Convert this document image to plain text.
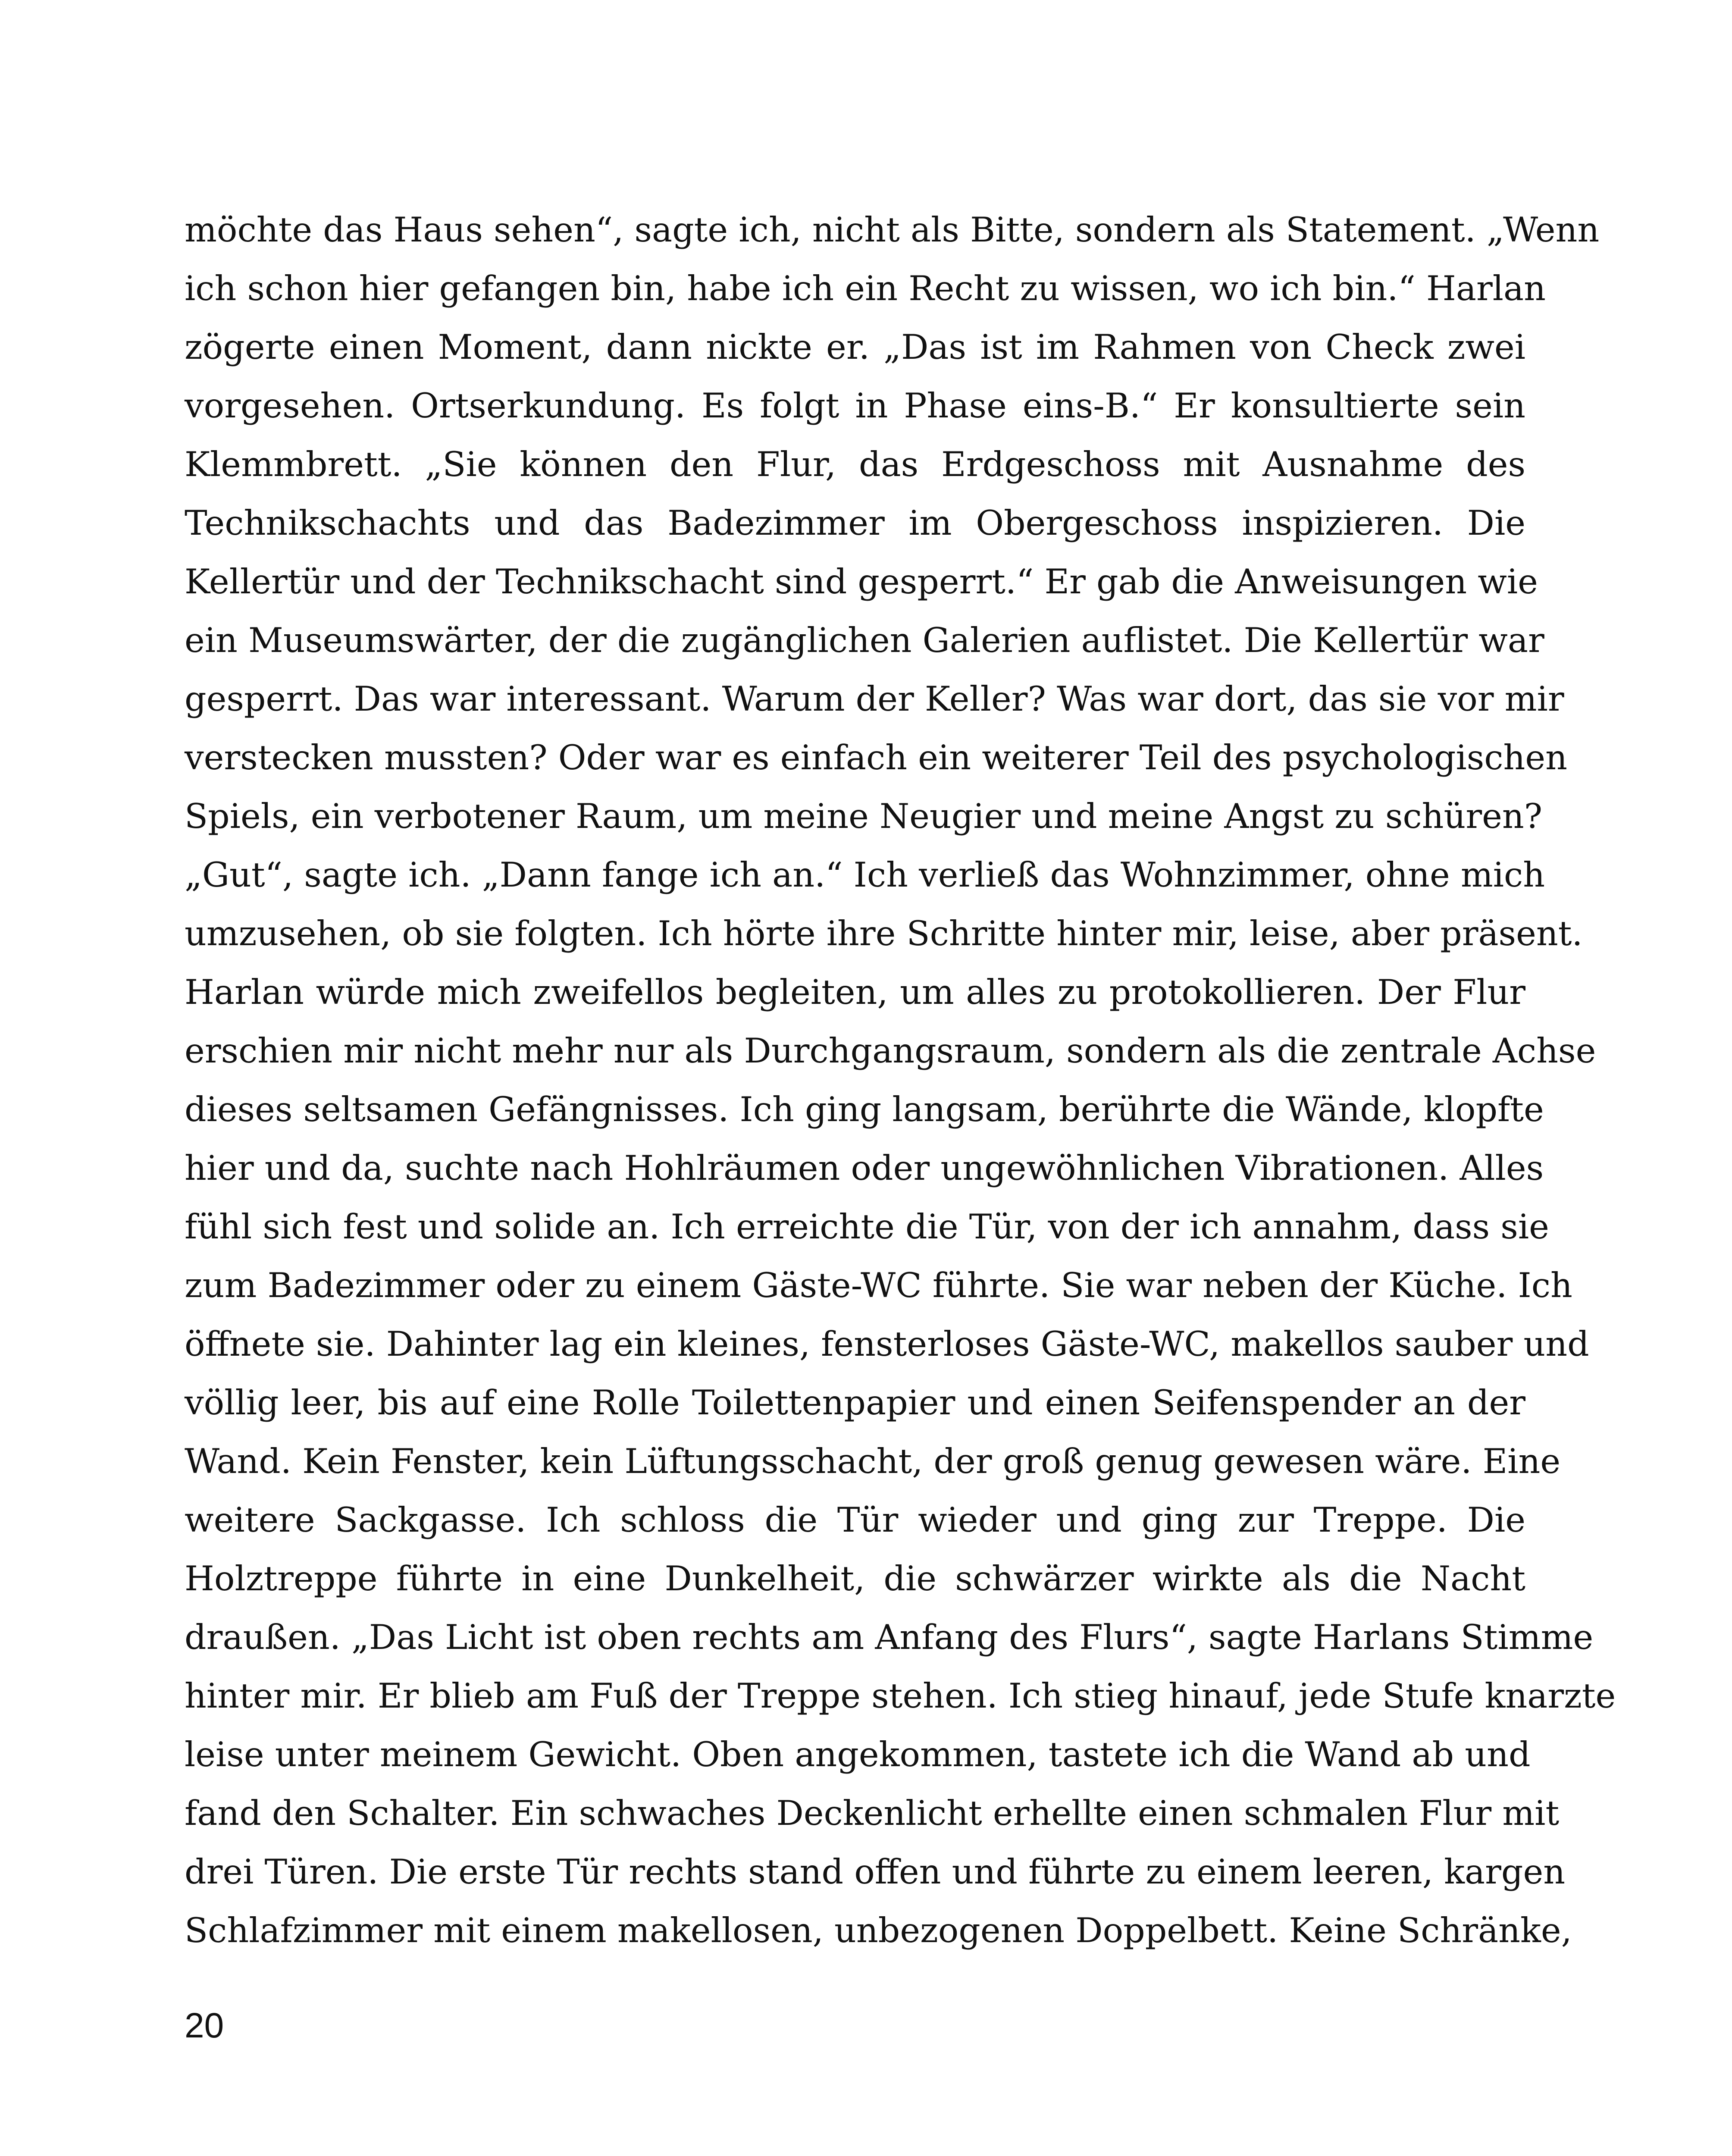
möchte das Haus sehen“, sagte ich, nicht als Bitte, sondern als Statement. „Wenn
ich schon hier gefangen bin, habe ich ein Recht zu wissen, wo ich bin.“ Harlan
zögerte einen Moment, dann nickte er. „Das ist im Rahmen von Check zwei
vorgesehen. Ortserkundung. Es folgt in Phase eins-B.“ Er konsultierte sein
Klemmbrett. „Sie können den Flur, das Erdgeschoss mit Ausnahme des
Technikschachts und das Badezimmer im Obergeschoss inspizieren. Die
Kellertür und der Technikschacht sind gesperrt.“ Er gab die Anweisungen wie
ein Museumswärter, der die zugänglichen Galerien auflistet. Die Kellertür war
gesperrt. Das war interessant. Warum der Keller? Was war dort, das sie vor mir
verstecken mussten? Oder war es einfach ein weiterer Teil des psychologischen
Spiels, ein verbotener Raum, um meine Neugier und meine Angst zu schüren?
„Gut“, sagte ich. „Dann fange ich an.“ Ich verließ das Wohnzimmer, ohne mich
umzusehen, ob sie folgten. Ich hörte ihre Schritte hinter mir, leise, aber präsent.
Harlan würde mich zweifellos begleiten, um alles zu protokollieren. Der Flur
erschien mir nicht mehr nur als Durchgangsraum, sondern als die zentrale Achse
dieses seltsamen Gefängnisses. Ich ging langsam, berührte die Wände, klopfte
hier und da, suchte nach Hohlräumen oder ungewöhnlichen Vibrationen. Alles
fühl sich fest und solide an. Ich erreichte die Tür, von der ich annahm, dass sie
zum Badezimmer oder zu einem Gäste-WC führte. Sie war neben der Küche. Ich
öffnete sie. Dahinter lag ein kleines, fensterloses Gäste-WC, makellos sauber und
völlig leer, bis auf eine Rolle Toilettenpapier und einen Seifenspender an der
Wand. Kein Fenster, kein Lüftungsschacht, der groß genug gewesen wäre. Eine
weitere Sackgasse. Ich schloss die Tür wieder und ging zur Treppe. Die
Holztreppe führte in eine Dunkelheit, die schwärzer wirkte als die Nacht
draußen. „Das Licht ist oben rechts am Anfang des Flurs“, sagte Harlans Stimme
hinter mir. Er blieb am Fuß der Treppe stehen. Ich stieg hinauf, jede Stufe knarzte
leise unter meinem Gewicht. Oben angekommen, tastete ich die Wand ab und
fand den Schalter. Ein schwaches Deckenlicht erhellte einen schmalen Flur mit
drei Türen. Die erste Tür rechts stand offen und führte zu einem leeren, kargen
Schlafzimmer mit einem makellosen, unbezogenen Doppelbett. Keine Schränke,
20
